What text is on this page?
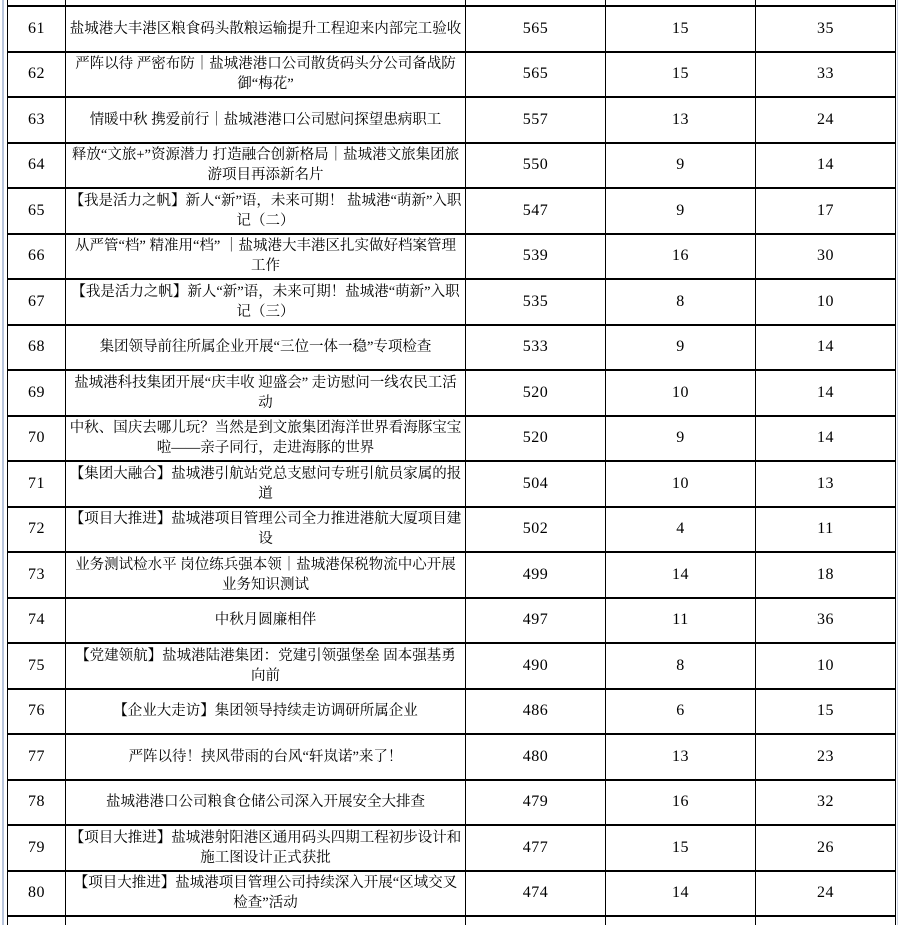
61	盐城港大丰港区粮食码头散粮运输提升工程迎来内部完工验收	565	15	35
62	严阵以待 严密布防｜盐城港港口公司散货码头分公司备战防御“梅花”	565	15	33
63	情暖中秋 携爱前行｜盐城港港口公司慰问探望患病职工	557	13	24
64	释放“文旅+”资源潜力 打造融合创新格局｜盐城港文旅集团旅游项目再添新名片	550	9	14
65	【我是活力之帆】新人“新”语，未来可期！ 盐城港“萌新”入职记（二）	547	9	17
66	从严管“档” 精准用“档” ｜盐城港大丰港区扎实做好档案管理工作	539	16	30
67	【我是活力之帆】新人“新”语，未来可期！盐城港“萌新”入职记（三）	535	8	10
68	集团领导前往所属企业开展“三位一体一稳”专项检查	533	9	14
69	盐城港科技集团开展“庆丰收 迎盛会” 走访慰问一线农民工活动	520	10	14
70	中秋、国庆去哪儿玩？当然是到文旅集团海洋世界看海豚宝宝啦——亲子同行，走进海豚的世界	520	9	14
71	【集团大融合】盐城港引航站党总支慰问专班引航员家属的报道	504	10	13
72	【项目大推进】盐城港项目管理公司全力推进港航大厦项目建设	502	4	11
73	业务测试检水平 岗位练兵强本领｜盐城港保税物流中心开展业务知识测试	499	14	18
74	中秋月圆廉相伴	497	11	36
75	【党建领航】盐城港陆港集团：党建引领强堡垒 固本强基勇向前	490	8	10
76	【企业大走访】集团领导持续走访调研所属企业	486	6	15
77	严阵以待！挟风带雨的台风“轩岚诺”来了！	480	13	23
78	盐城港港口公司粮食仓储公司深入开展安全大排查	479	16	32
79	【项目大推进】盐城港射阳港区通用码头四期工程初步设计和施工图设计正式获批	477	15	26
80	【项目大推进】盐城港项目管理公司持续深入开展“区域交叉检查”活动	474	14	24
